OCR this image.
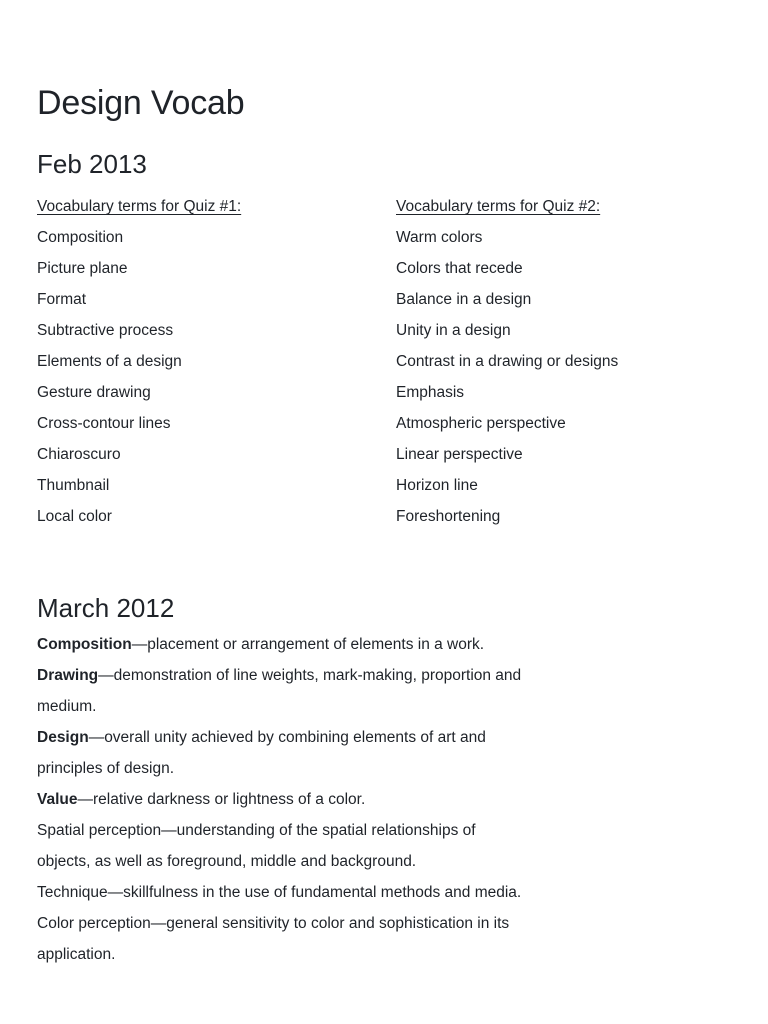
Design Vocab
Feb 2013
Vocabulary terms for Quiz #1:
Composition
Picture plane
Format
Subtractive process
Elements of a design
Gesture drawing
Cross-contour lines
Chiaroscuro
Thumbnail
Local color
Vocabulary terms for Quiz #2:
Warm colors
Colors that recede
Balance in a design
Unity in a design
Contrast in a drawing or designs
Emphasis
Atmospheric perspective
Linear perspective
Horizon line
Foreshortening
March 2012
Composition—placement or arrangement of elements in a work.
Drawing—demonstration of line weights, mark-making, proportion and
medium.
Design—overall unity achieved by combining elements of art and
principles of design.
Value—relative darkness or lightness of a color.
Spatial perception—understanding of the spatial relationships of
objects, as well as foreground, middle and background.
Technique—skillfulness in the use of fundamental methods and media.
Color perception—general sensitivity to color and sophistication in its
application.
